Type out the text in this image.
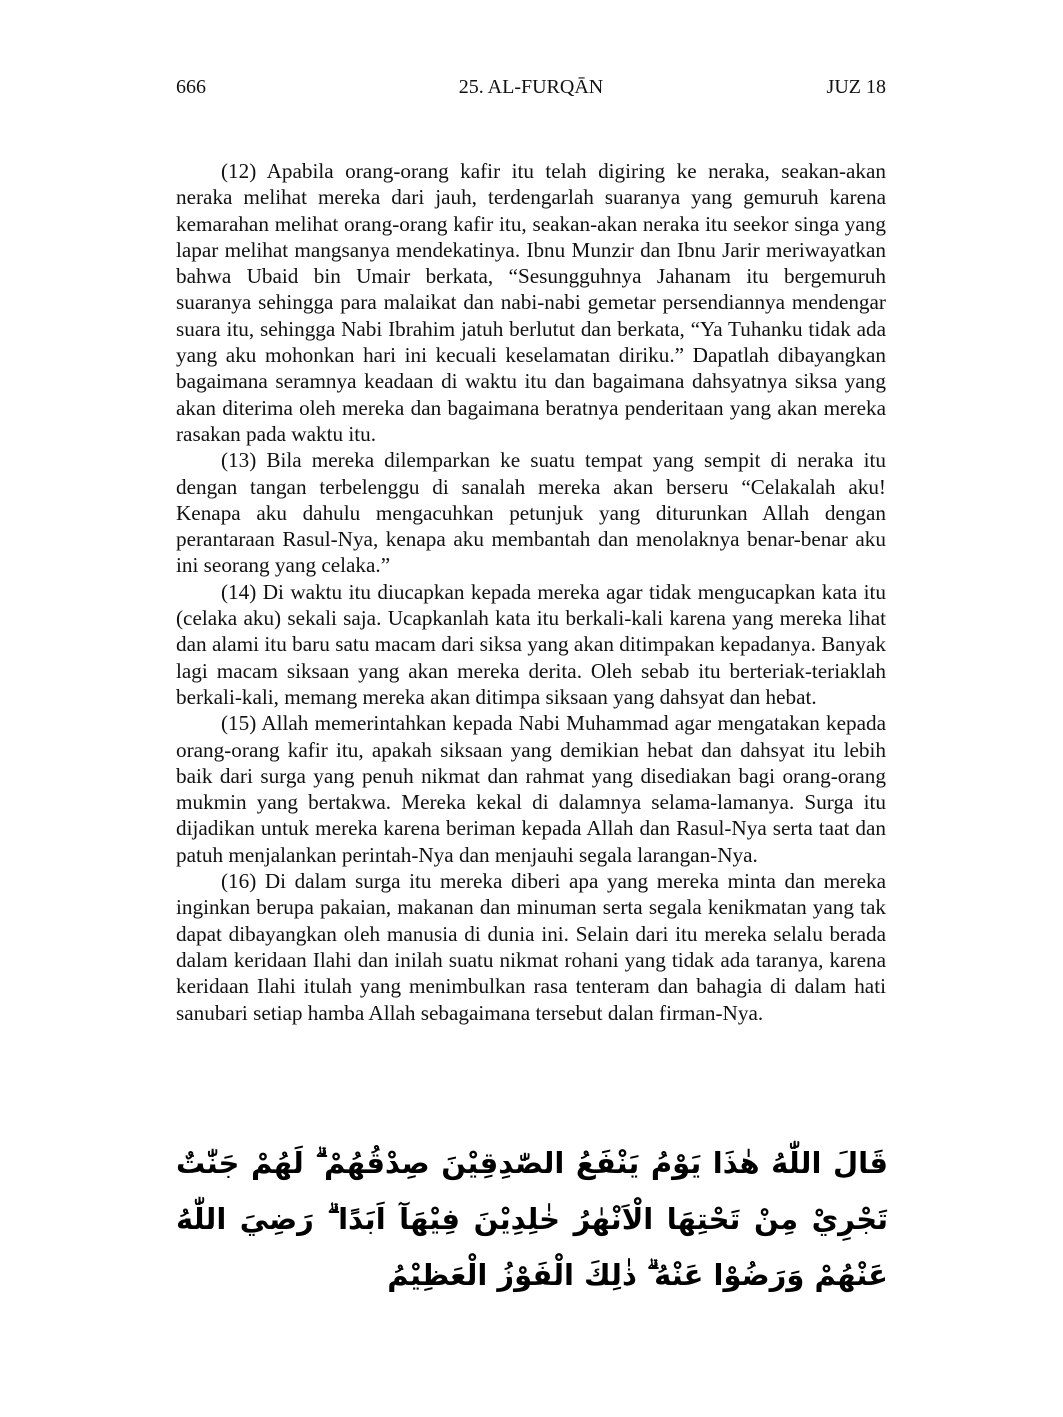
666	25. AL-FURQĀN	JUZ 18

(12) Apabila orang-orang kafir itu telah digiring ke neraka, seakan-akan neraka melihat mereka dari jauh, terdengarlah suaranya yang gemuruh karena kemarahan melihat orang-orang kafir itu, seakan-akan neraka itu seekor singa yang lapar melihat mangsanya mendekatinya. Ibnu Munzir dan Ibnu Jarir meriwayatkan bahwa Ubaid bin Umair berkata, “Sesungguhnya Jahanam itu bergemuruh suaranya sehingga para malaikat dan nabi-nabi gemetar persendiannya mendengar suara itu, sehingga Nabi Ibrahim jatuh berlutut dan berkata, “Ya Tuhanku tidak ada yang aku mohonkan hari ini kecuali keselamatan diriku.” Dapatlah dibayangkan bagaimana seramnya keadaan di waktu itu dan bagaimana dahsyatnya siksa yang akan diterima oleh mereka dan bagaimana beratnya penderitaan yang akan mereka rasakan pada waktu itu.

(13) Bila mereka dilemparkan ke suatu tempat yang sempit di neraka itu dengan tangan terbelenggu di sanalah mereka akan berseru “Celakalah aku! Kenapa aku dahulu mengacuhkan petunjuk yang diturunkan Allah dengan perantaraan Rasul-Nya, kenapa aku membantah dan menolaknya benar-benar aku ini seorang yang celaka.”

(14) Di waktu itu diucapkan kepada mereka agar tidak mengucapkan kata itu (celaka aku) sekali saja. Ucapkanlah kata itu berkali-kali karena yang mereka lihat dan alami itu baru satu macam dari siksa yang akan ditimpakan kepadanya. Banyak lagi macam siksaan yang akan mereka derita. Oleh sebab itu berteriak-teriaklah berkali-kali, memang mereka akan ditimpa siksaan yang dahsyat dan hebat.

(15) Allah memerintahkan kepada Nabi Muhammad agar mengatakan kepada orang-orang kafir itu, apakah siksaan yang demikian hebat dan dahsyat itu lebih baik dari surga yang penuh nikmat dan rahmat yang disediakan bagi orang-orang mukmin yang bertakwa. Mereka kekal di dalamnya selama-lamanya. Surga itu dijadikan untuk mereka karena beriman kepada Allah dan Rasul-Nya serta taat dan patuh menjalankan perintah-Nya dan menjauhi segala larangan-Nya.

(16) Di dalam surga itu mereka diberi apa yang mereka minta dan mereka inginkan berupa pakaian, makanan dan minuman serta segala kenikmatan yang tak dapat dibayangkan oleh manusia di dunia ini. Selain dari itu mereka selalu berada dalam keridaan Ilahi dan inilah suatu nikmat rohani yang tidak ada taranya, karena keridaan Ilahi itulah yang menimbulkan rasa tenteram dan bahagia di dalam hati sanubari setiap hamba Allah sebagaimana tersebut dalan firman-Nya.

قَالَ اللّٰهُ هٰذَا يَوْمُ يَنْفَعُ الصّٰدِقِيْنَ صِدْقُهُمْ ۗ لَهُمْ جَنّٰتٌ تَجْرِيْ مِنْ تَحْتِهَا الْاَنْهٰرُ خٰلِدِيْنَ فِيْهَآ اَبَدًا ۗ رَضِيَ اللّٰهُ عَنْهُمْ وَرَضُوْا عَنْهُ ۗ ذٰلِكَ الْفَوْزُ الْعَظِيْمُ
